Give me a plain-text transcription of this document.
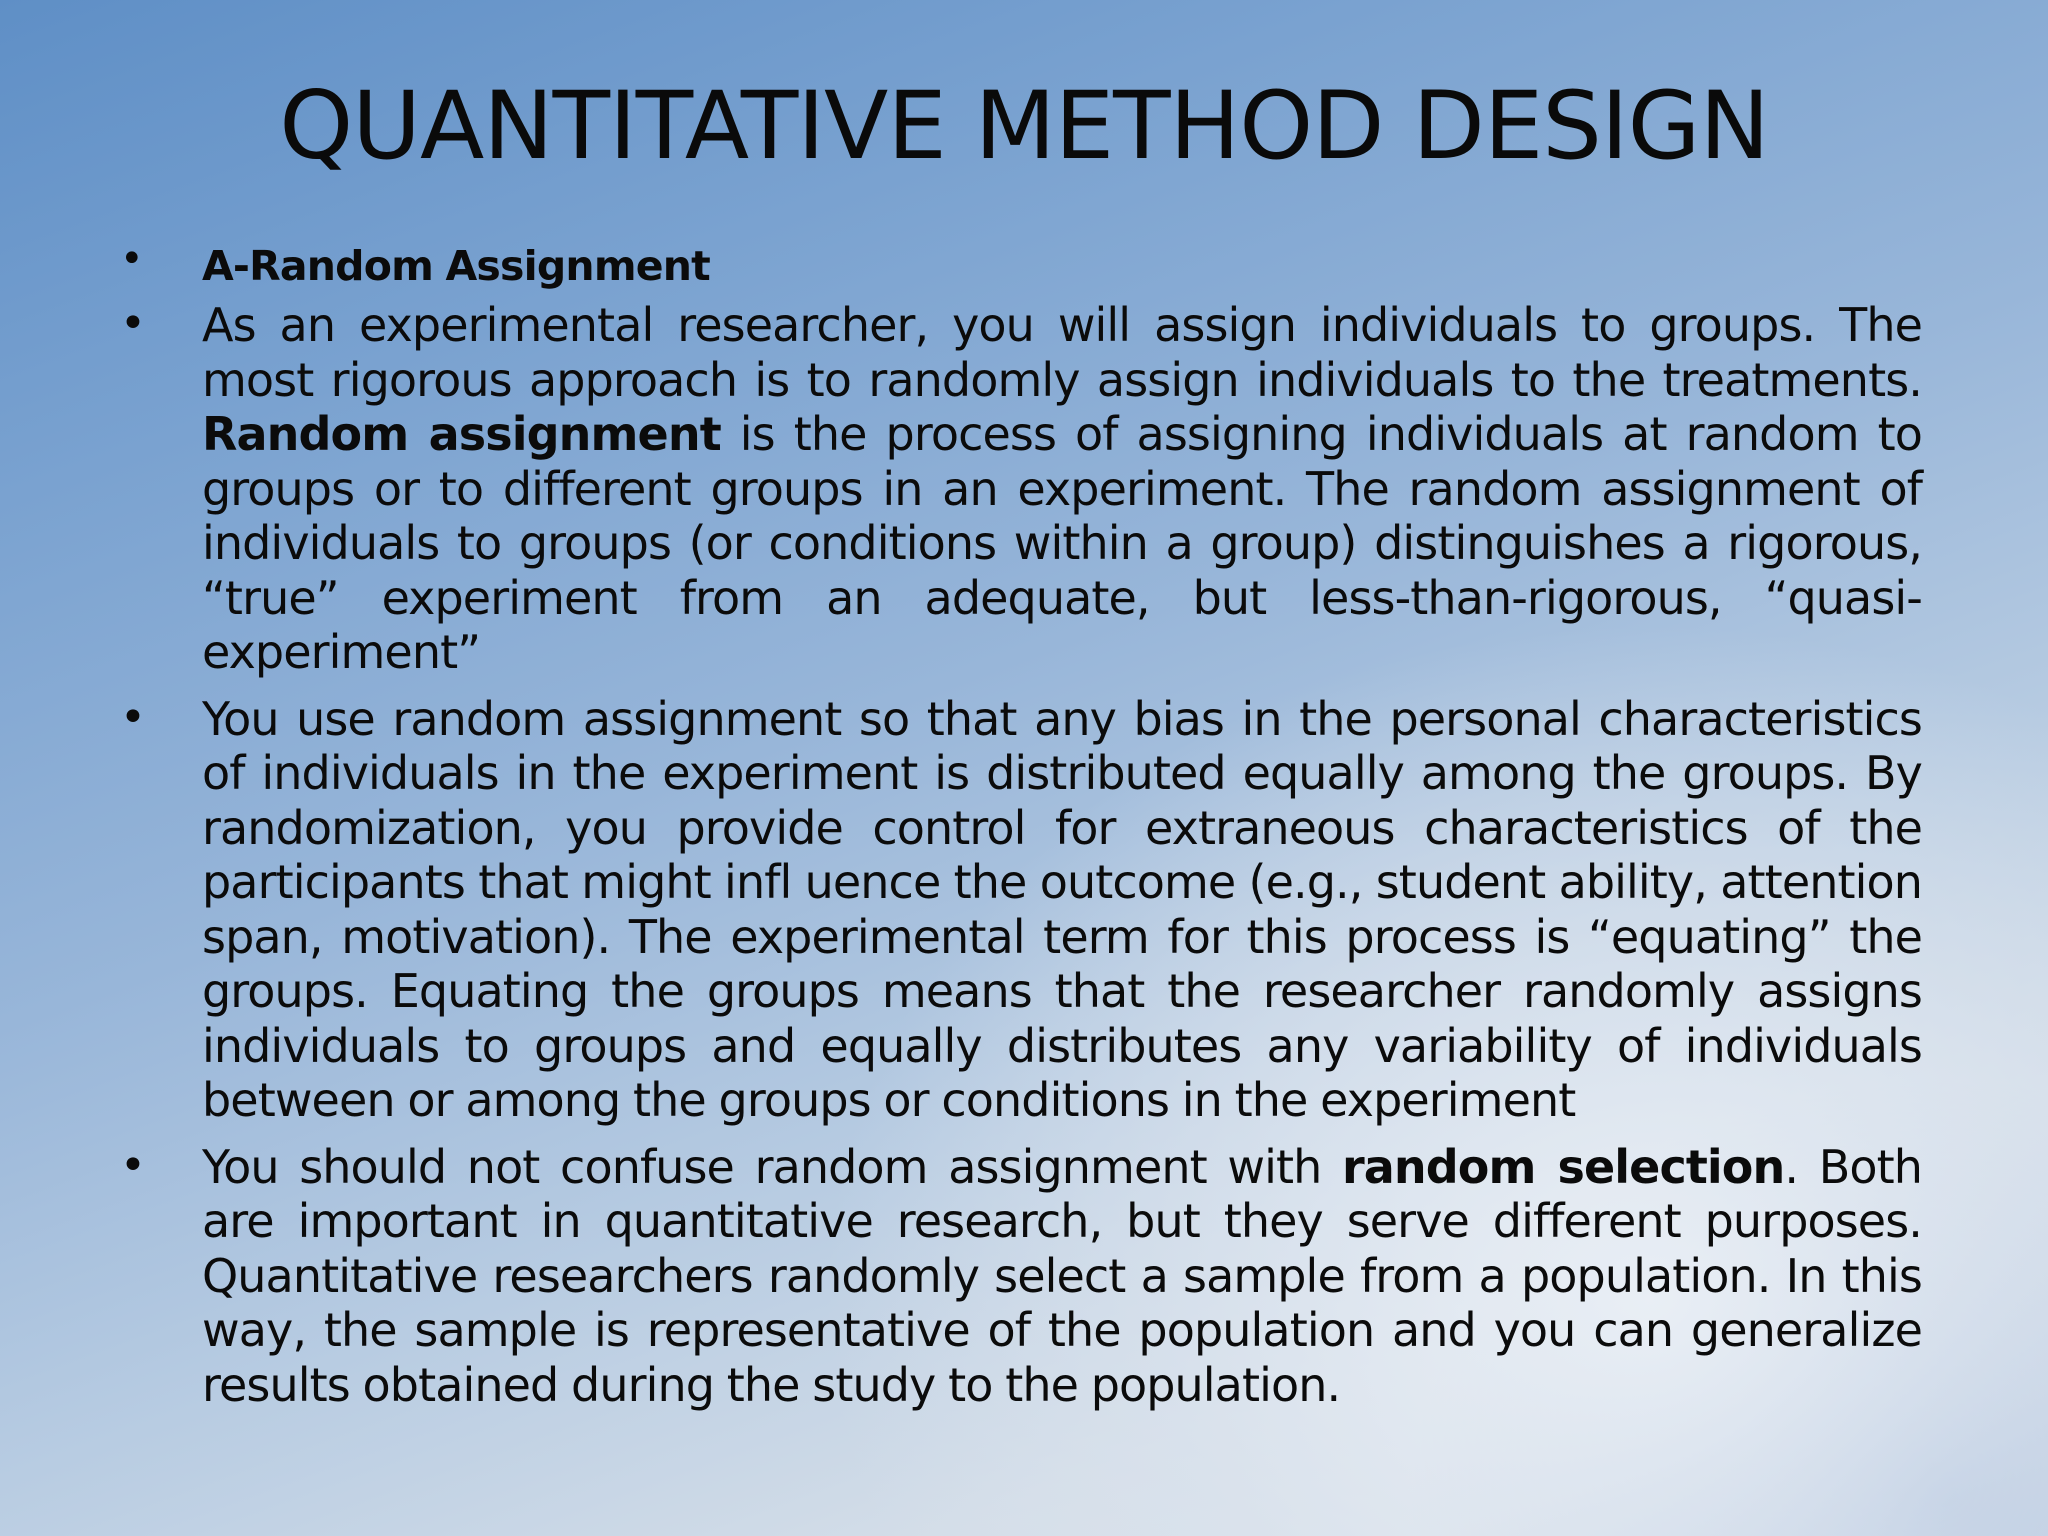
QUANTITATIVE METHOD DESIGN
• A-Random Assignment
• As an experimental researcher, you will assign individuals to groups. The most rigorous approach is to randomly assign individuals to the treatments. Random assignment is the process of assigning individuals at random to groups or to different groups in an experiment. The random assignment of individuals to groups (or conditions within a group) distinguishes a rigorous, “true” experiment from an adequate, but less-than-rigorous, “quasi-experiment”
• You use random assignment so that any bias in the personal characteristics of individuals in the experiment is distributed equally among the groups. By randomization, you provide control for extraneous characteristics of the participants that might infl uence the outcome (e.g., student ability, attention span, motivation). The experimental term for this process is “equating” the groups. Equating the groups means that the researcher randomly assigns individuals to groups and equally distributes any variability of individuals between or among the groups or conditions in the experiment
• You should not confuse random assignment with random selection. Both are important in quantitative research, but they serve different purposes. Quantitative researchers randomly select a sample from a population. In this way, the sample is representative of the population and you can generalize results obtained during the study to the population.
